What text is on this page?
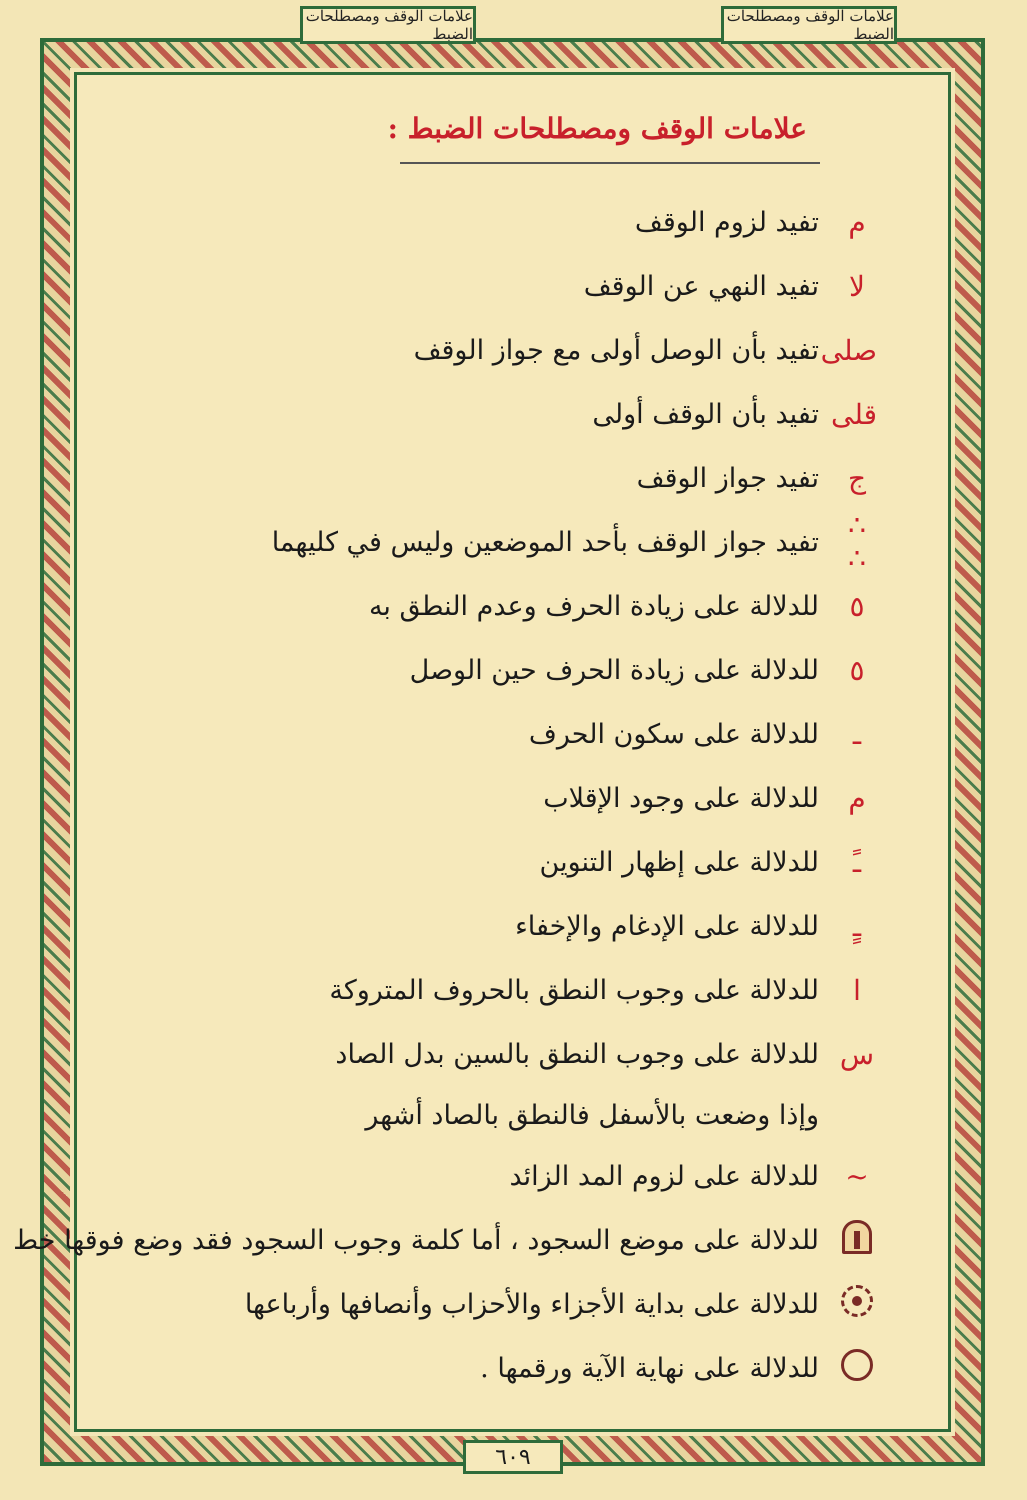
علامات الوقف ومصطلحات الضبط
علامات الوقف ومصطلحات الضبط
علامات الوقف ومصطلحات الضبط :
م
تفيد لزوم الوقف
لا
تفيد النهي عن الوقف
صلى
تفيد بأن الوصل أولى مع جواز الوقف
قلى
تفيد بأن الوقف أولى
ج
تفيد جواز الوقف
∴ ∴
تفيد جواز الوقف بأحد الموضعين وليس في كليهما
٥
للدلالة على زيادة الحرف وعدم النطق به
٥
للدلالة على زيادة الحرف حين الوصل
ـ
للدلالة على سكون الحرف
م
للدلالة على وجود الإقلاب
ـً
للدلالة على إظهار التنوين
ـٍ
للدلالة على الإدغام والإخفاء
ا
للدلالة على وجوب النطق بالحروف المتروكة
س
للدلالة على وجوب النطق بالسين بدل الصاد
وإذا وضعت بالأسفل فالنطق بالصاد أشهر
~
للدلالة على لزوم المد الزائد
للدلالة على موضع السجود ، أما كلمة وجوب السجود فقد وضع فوقها خط
للدلالة على بداية الأجزاء والأحزاب وأنصافها وأرباعها
للدلالة على نهاية الآية ورقمها .
٦٠٩
